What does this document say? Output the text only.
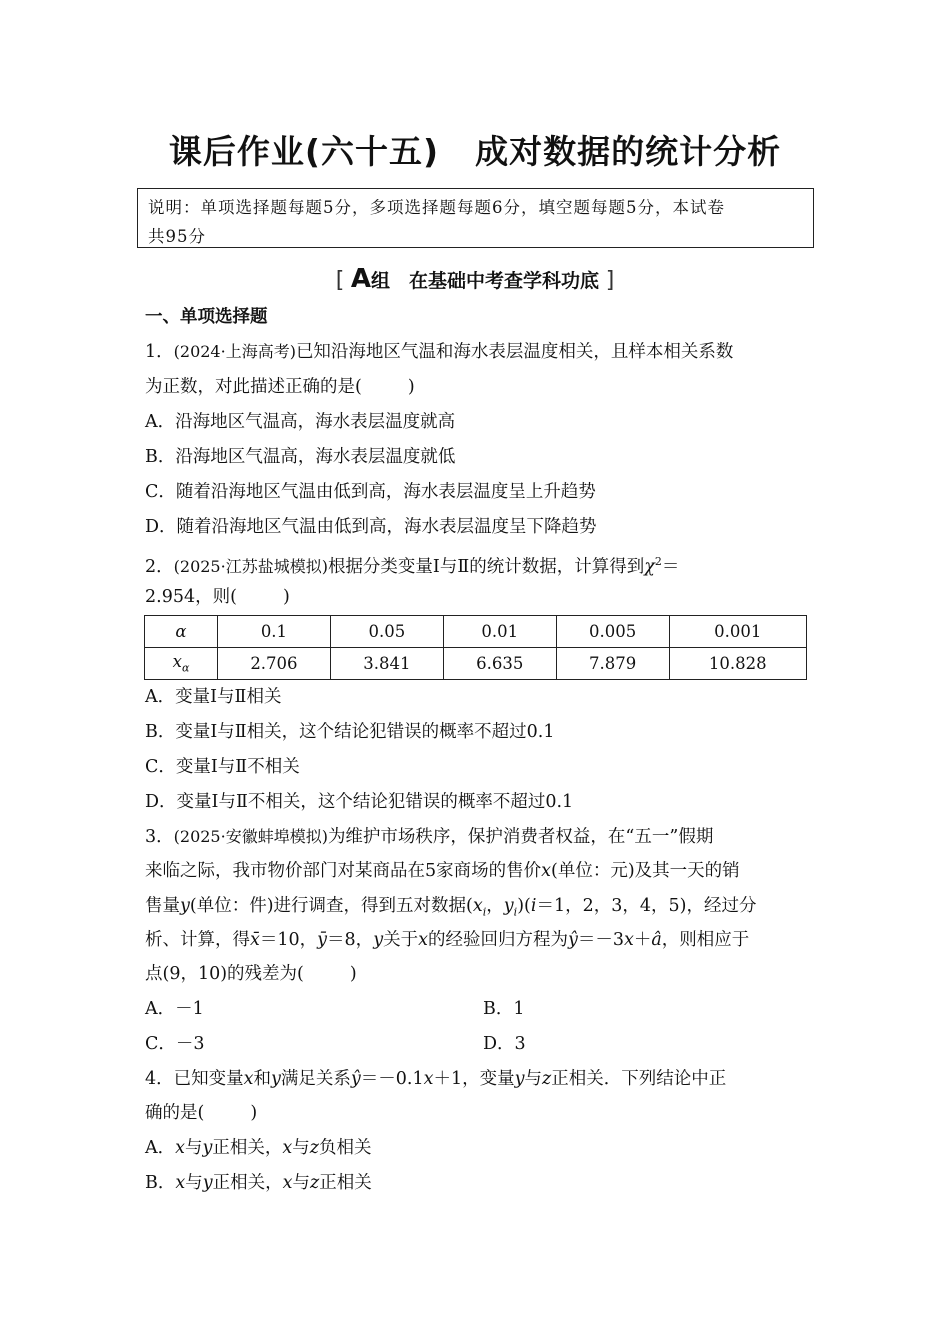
课后作业(六十五) 成对数据的统计分析
说明：单项选择题每题5分，多项选择题每题6分，填空题每题5分，本试卷
共95分
[ A组　在基础中考查学科功底 ]
一、单项选择题
1．(2024·上海高考)已知沿海地区气温和海水表层温度相关，且样本相关系数
为正数，对此描述正确的是(	)
A．沿海地区气温高，海水表层温度就高
B．沿海地区气温高，海水表层温度就低
C．随着沿海地区气温由低到高，海水表层温度呈上升趋势
D．随着沿海地区气温由低到高，海水表层温度呈下降趋势
2．(2025·江苏盐城模拟)根据分类变量Ⅰ与Ⅱ的统计数据，计算得到$\chi^2=$
2.954，则(	)
α	0.1	0.05	0.01	0.005	0.001
$x_\alpha$	2.706	3.841	6.635	7.879	10.828
A．变量Ⅰ与Ⅱ相关
B．变量Ⅰ与Ⅱ相关，这个结论犯错误的概率不超过0.1
C．变量Ⅰ与Ⅱ不相关
D．变量Ⅰ与Ⅱ不相关，这个结论犯错误的概率不超过0.1
3．(2025·安徽蚌埠模拟)为维护市场秩序，保护消费者权益，在“五一”假期
来临之际，我市物价部门对某商品在5家商场的售价x(单位：元)及其一天的销
售量y(单位：件)进行调查，得到五对数据($x_i$，$y_i)(i=1$，2，3，4，5)，经过分
析、计算，得x̄＝10，ȳ＝8，y关于x的经验回归方程为ŷ＝－3x＋â，则相应于
点(9，10)的残差为(	)
A．－1	B．1
C．－3	D．3
4．已知变量x和y满足关系ŷ＝－0.1x＋1，变量y与z正相关．下列结论中正
确的是(	)
A．x与y正相关，x与z负相关
B．x与y正相关，x与z正相关
